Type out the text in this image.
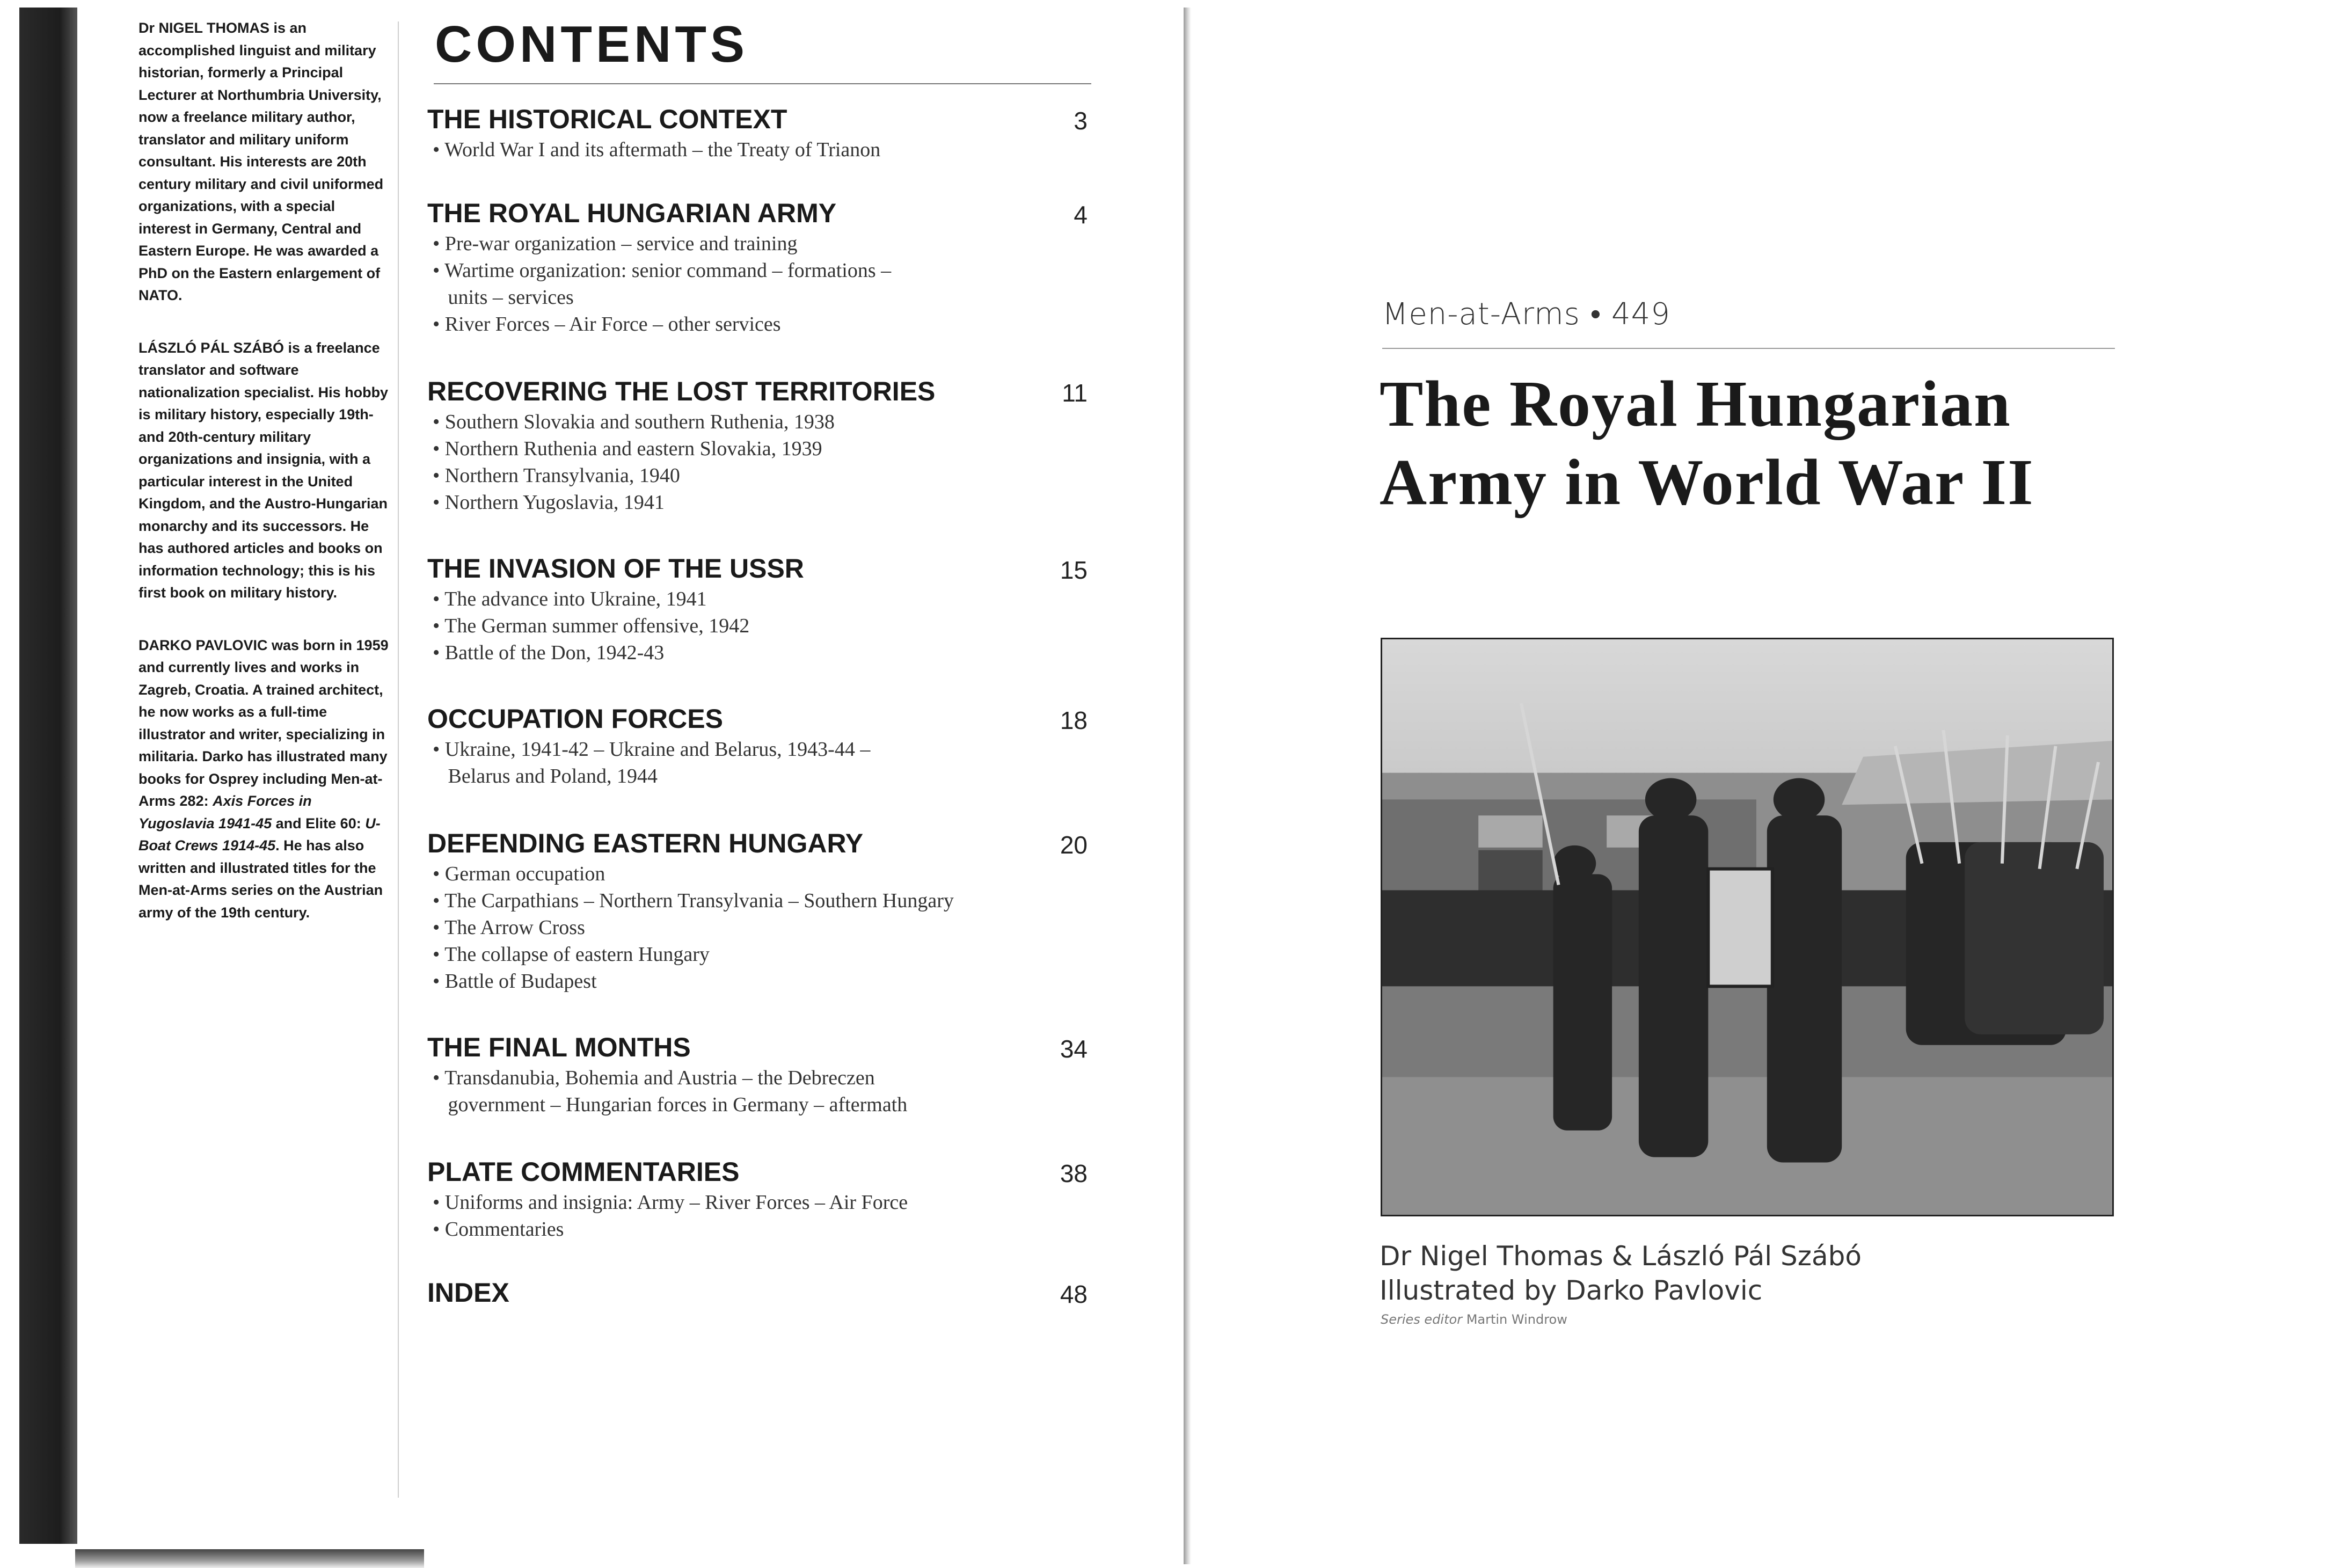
Dr NIGEL THOMAS is an accomplished linguist and military historian, formerly a Principal Lecturer at Northumbria University, now a freelance military author, translator and military uniform consultant. His interests are 20th century military and civil uniformed organizations, with a special interest in Germany, Central and Eastern Europe. He was awarded a PhD on the Eastern enlargement of NATO.

LÁSZLÓ PÁL SZÁBÓ is a freelance translator and software nationalization specialist. His hobby is military history, especially 19th- and 20th-century military organizations and insignia, with a particular interest in the United Kingdom, and the Austro-Hungarian monarchy and its successors. He has authored articles and books on information technology; this is his first book on military history.

DARKO PAVLOVIC was born in 1959 and currently lives and works in Zagreb, Croatia. A trained architect, he now works as a full-time illustrator and writer, specializing in militaria. Darko has illustrated many books for Osprey including Men-at-Arms 282: Axis Forces in Yugoslavia 1941-45 and Elite 60: U-Boat Crews 1914-45. He has also written and illustrated titles for the Men-at-Arms series on the Austrian army of the 19th century.

CONTENTS

THE HISTORICAL CONTEXT	3

• World War I and its aftermath – the Treaty of Trianon

THE ROYAL HUNGARIAN ARMY	4

• Pre-war organization – service and training

• Wartime organization: senior command – formations –

units – services

• River Forces – Air Force – other services

RECOVERING THE LOST TERRITORIES	11

• Southern Slovakia and southern Ruthenia, 1938

• Northern Ruthenia and eastern Slovakia, 1939

• Northern Transylvania, 1940

• Northern Yugoslavia, 1941

THE INVASION OF THE USSR	15

• The advance into Ukraine, 1941

• The German summer offensive, 1942

• Battle of the Don, 1942-43

OCCUPATION FORCES	18

• Ukraine, 1941-42 – Ukraine and Belarus, 1943-44 –

Belarus and Poland, 1944

DEFENDING EASTERN HUNGARY	20

• German occupation

• The Carpathians – Northern Transylvania – Southern Hungary

• The Arrow Cross

• The collapse of eastern Hungary

• Battle of Budapest

THE FINAL MONTHS	34

• Transdanubia, Bohemia and Austria – the Debreczen

government – Hungarian forces in Germany – aftermath

PLATE COMMENTARIES	38

• Uniforms and insignia: Army – River Forces – Air Force

• Commentaries

INDEX	48
Men-at-Arms • 449
The Royal Hungarian
Army in World War II
Dr Nigel Thomas & László Pál Szábó
Illustrated by Darko Pavlovic
Series editor Martin Windrow
